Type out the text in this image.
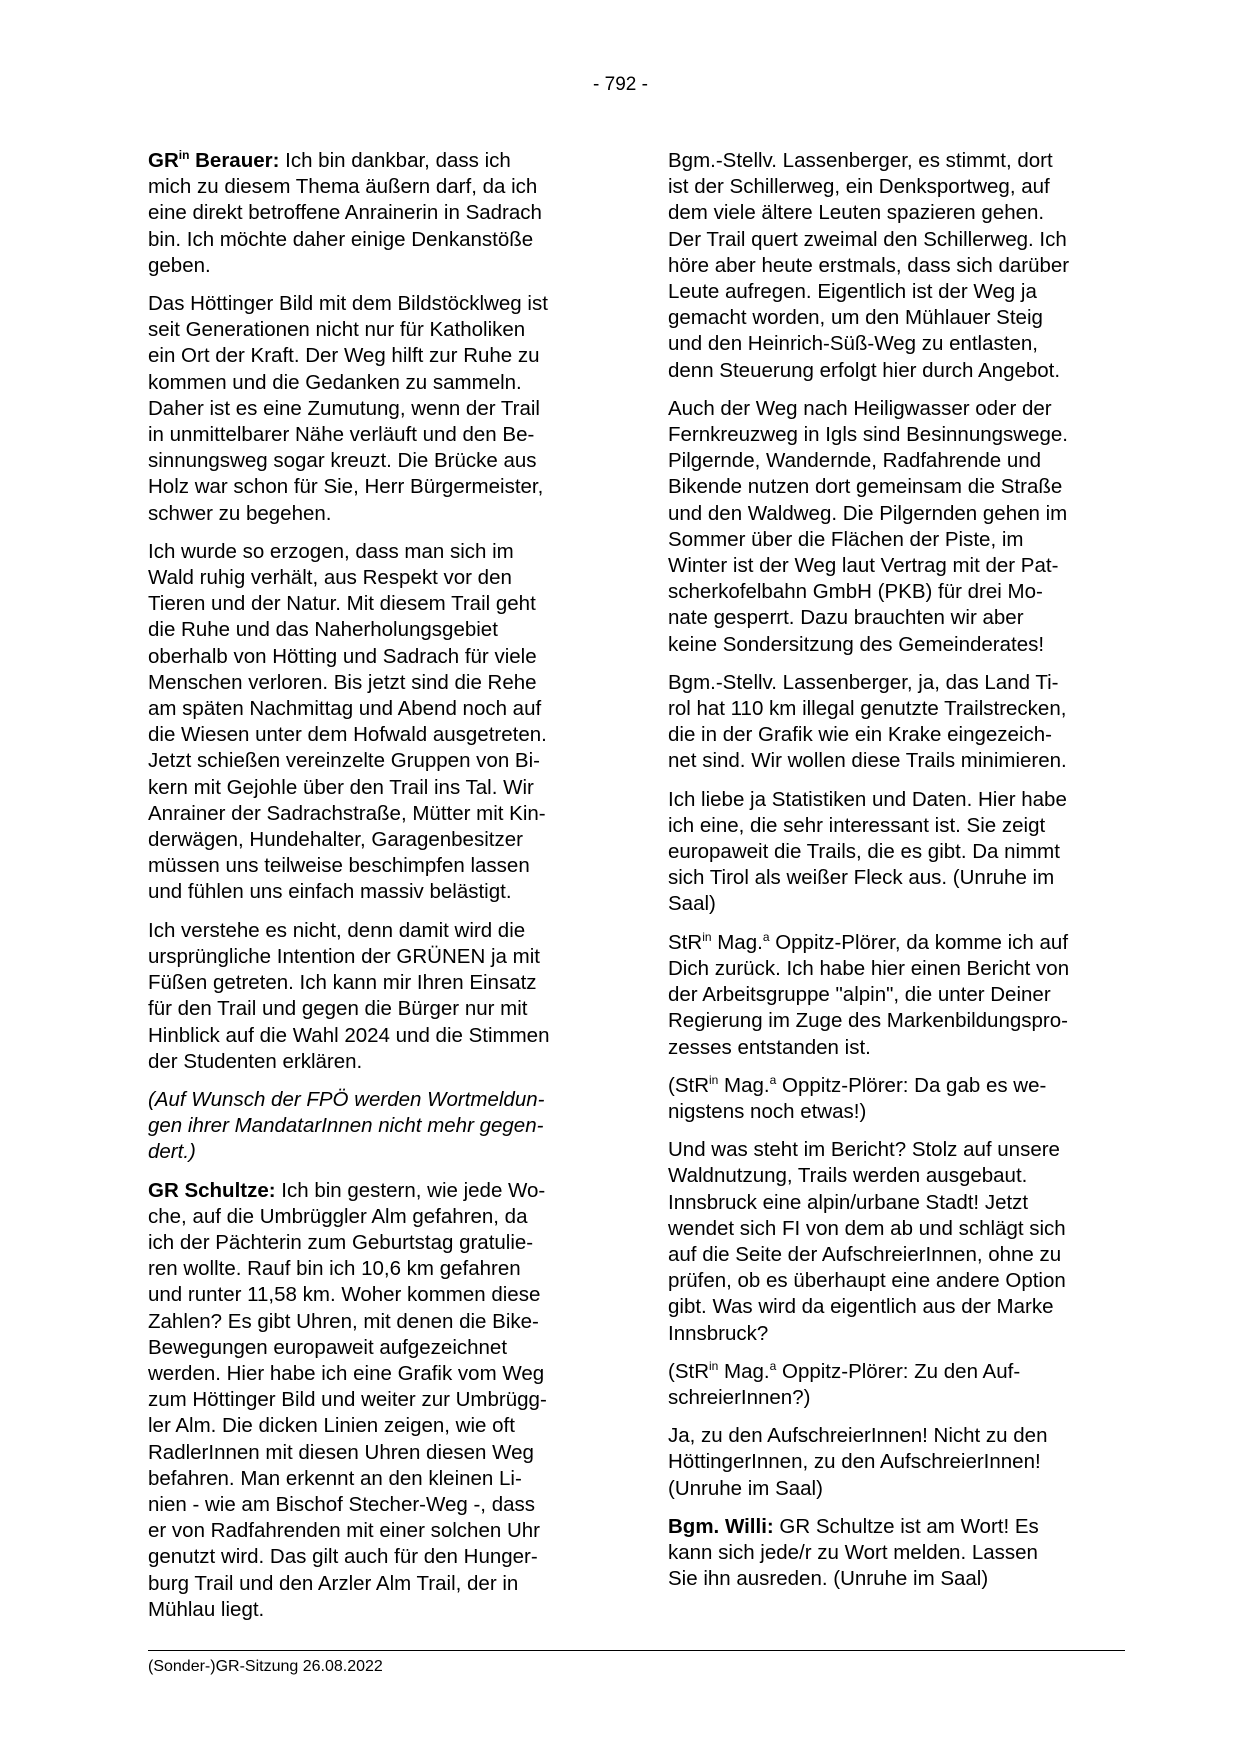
- 792 -

$GR^{in}$ Berauer: Ich bin dankbar, dass ich
mich zu diesem Thema äußern darf, da ich
eine direkt betroffene Anrainerin in Sadrach
bin. Ich möchte daher einige Denkanstöße
geben.

Das Höttinger Bild mit dem Bildstöcklweg ist
seit Generationen nicht nur für Katholiken
ein Ort der Kraft. Der Weg hilft zur Ruhe zu
kommen und die Gedanken zu sammeln.
Daher ist es eine Zumutung, wenn der Trail
in unmittelbarer Nähe verläuft und den Be-
sinnungsweg sogar kreuzt. Die Brücke aus
Holz war schon für Sie, Herr Bürgermeister,
schwer zu begehen.

Ich wurde so erzogen, dass man sich im
Wald ruhig verhält, aus Respekt vor den
Tieren und der Natur. Mit diesem Trail geht
die Ruhe und das Naherholungsgebiet
oberhalb von Hötting und Sadrach für viele
Menschen verloren. Bis jetzt sind die Rehe
am späten Nachmittag und Abend noch auf
die Wiesen unter dem Hofwald ausgetreten.
Jetzt schießen vereinzelte Gruppen von Bi-
kern mit Gejohle über den Trail ins Tal. Wir
Anrainer der Sadrachstraße, Mütter mit Kin-
derwägen, Hundehalter, Garagenbesitzer
müssen uns teilweise beschimpfen lassen
und fühlen uns einfach massiv belästigt.

Ich verstehe es nicht, denn damit wird die
ursprüngliche Intention der GRÜNEN ja mit
Füßen getreten. Ich kann mir Ihren Einsatz
für den Trail und gegen die Bürger nur mit
Hinblick auf die Wahl 2024 und die Stimmen
der Studenten erklären.

(Auf Wunsch der FPÖ werden Wortmeldun-
gen ihrer MandatarInnen nicht mehr gegen-
dert.)

GR Schultze: Ich bin gestern, wie jede Wo-
che, auf die Umbrüggler Alm gefahren, da
ich der Pächterin zum Geburtstag gratulie-
ren wollte. Rauf bin ich 10,6 km gefahren
und runter 11,58 km. Woher kommen diese
Zahlen? Es gibt Uhren, mit denen die Bike-
Bewegungen europaweit aufgezeichnet
werden. Hier habe ich eine Grafik vom Weg
zum Höttinger Bild und weiter zur Umbrügg-
ler Alm. Die dicken Linien zeigen, wie oft
RadlerInnen mit diesen Uhren diesen Weg
befahren. Man erkennt an den kleinen Li-
nien - wie am Bischof Stecher-Weg -, dass
er von Radfahrenden mit einer solchen Uhr
genutzt wird. Das gilt auch für den Hunger-
burg Trail und den Arzler Alm Trail, der in
Mühlau liegt.

Bgm.-Stellv. Lassenberger, es stimmt, dort
ist der Schillerweg, ein Denksportweg, auf
dem viele ältere Leuten spazieren gehen.
Der Trail quert zweimal den Schillerweg. Ich
höre aber heute erstmals, dass sich darüber
Leute aufregen. Eigentlich ist der Weg ja
gemacht worden, um den Mühlauer Steig
und den Heinrich-Süß-Weg zu entlasten,
denn Steuerung erfolgt hier durch Angebot.

Auch der Weg nach Heiligwasser oder der
Fernkreuzweg in Igls sind Besinnungswege.
Pilgernde, Wandernde, Radfahrende und
Bikende nutzen dort gemeinsam die Straße
und den Waldweg. Die Pilgernden gehen im
Sommer über die Flächen der Piste, im
Winter ist der Weg laut Vertrag mit der Pat-
scherkofelbahn GmbH (PKB) für drei Mo-
nate gesperrt. Dazu brauchten wir aber
keine Sondersitzung des Gemeinderates!

Bgm.-Stellv. Lassenberger, ja, das Land Ti-
rol hat 110 km illegal genutzte Trailstrecken,
die in der Grafik wie ein Krake eingezeich-
net sind. Wir wollen diese Trails minimieren.

Ich liebe ja Statistiken und Daten. Hier habe
ich eine, die sehr interessant ist. Sie zeigt
europaweit die Trails, die es gibt. Da nimmt
sich Tirol als weißer Fleck aus. (Unruhe im
Saal)

StR$^{in}$ Mag.$^a$ Oppitz-Plörer, da komme ich auf
Dich zurück. Ich habe hier einen Bericht von
der Arbeitsgruppe "alpin", die unter Deiner
Regierung im Zuge des Markenbildungspro-
zesses entstanden ist.

(StR$^{in}$ Mag.$^a$ Oppitz-Plörer: Da gab es we-
nigstens noch etwas!)

Und was steht im Bericht? Stolz auf unsere
Waldnutzung, Trails werden ausgebaut.
Innsbruck eine alpin/urbane Stadt! Jetzt
wendet sich FI von dem ab und schlägt sich
auf die Seite der AufschreierInnen, ohne zu
prüfen, ob es überhaupt eine andere Option
gibt. Was wird da eigentlich aus der Marke
Innsbruck?

(StR$^{in}$ Mag.$^a$ Oppitz-Plörer: Zu den Auf-
schreierInnen?)

Ja, zu den AufschreierInnen! Nicht zu den
HöttingerInnen, zu den AufschreierInnen!
(Unruhe im Saal)

Bgm. Willi: GR Schultze ist am Wort! Es
kann sich jede/r zu Wort melden. Lassen
Sie ihn ausreden. (Unruhe im Saal)

(Sonder-)GR-Sitzung 26.08.2022
